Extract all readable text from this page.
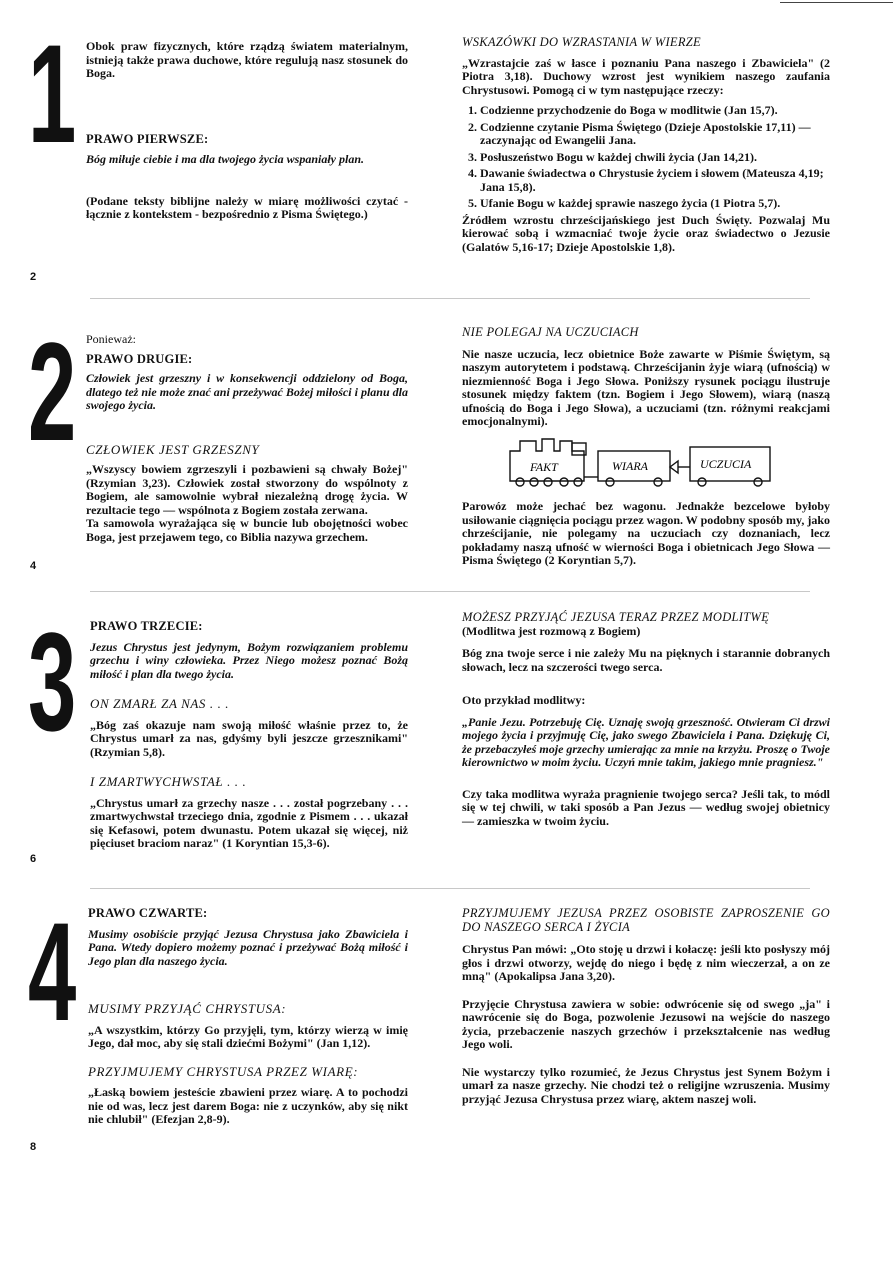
1
2
3
4
2
4
6
8

Obok praw fizycznych, które rządzą światem materialnym, istnieją także prawa duchowe, które regulują nasz stosunek do Boga.

PRAWO PIERWSZE:

Bóg miłuje ciebie i ma dla twojego życia wspaniały plan.

(Podane teksty biblijne należy w miarę możliwości czytać - łącznie z kontekstem - bezpośrednio z Pisma Świętego.)

WSKAZÓWKI DO WZRASTANIA W WIERZE

„Wzrastajcie zaś w łasce i poznaniu Pana naszego i Zbawiciela" (2 Piotra 3,18). Duchowy wzrost jest wynikiem naszego zaufania Chrystusowi. Pomogą ci w tym następujące rzeczy:

1. Codzienne przychodzenie do Boga w modlitwie (Jan 15,7).
2. Codzienne czytanie Pisma Świętego (Dzieje Apostolskie 17,11) — zaczynając od Ewangelii Jana.
3. Posłuszeństwo Bogu w każdej chwili życia (Jan 14,21).
4. Dawanie świadectwa o Chrystusie życiem i słowem (Mateusza 4,19; Jana 15,8).
5. Ufanie Bogu w każdej sprawie naszego życia (1 Piotra 5,7).

Źródłem wzrostu chrześcijańskiego jest Duch Święty. Pozwalaj Mu kierować sobą i wzmacniać twoje życie oraz świadectwo o Jezusie (Galatów 5,16-17; Dzieje Apostolskie 1,8).

Ponieważ:

PRAWO DRUGIE:

Człowiek jest grzeszny i w konsekwencji oddzielony od Boga, dlatego też nie może znać ani przeżywać Bożej miłości i planu dla swojego życia.

CZŁOWIEK JEST GRZESZNY

„Wszyscy bowiem zgrzeszyli i pozbawieni są chwały Bożej" (Rzymian 3,23). Człowiek został stworzony do wspólnoty z Bogiem, ale samowolnie wybrał niezależną drogę życia. W rezultacie tego — wspólnota z Bogiem została zerwana.

Ta samowola wyrażająca się w buncie lub obojętności wobec Boga, jest przejawem tego, co Biblia nazywa grzechem.

NIE POLEGAJ NA UCZUCIACH

Nie nasze uczucia, lecz obietnice Boże zawarte w Piśmie Świętym, są naszym autorytetem i podstawą. Chrześcijanin żyje wiarą (ufnością) w niezmienność Boga i Jego Słowa. Poniższy rysunek pociągu ilustruje stosunek między faktem (tzn. Bogiem i Jego Słowem), wiarą (naszą ufnością do Boga i Jego Słowa), a uczuciami (tzn. różnymi reakcjami emocjonalnymi).

FAKT	WIARA	UCZUCIA

Parowóz może jechać bez wagonu. Jednakże bezcelowe byłoby usiłowanie ciągnięcia pociągu przez wagon. W podobny sposób my, jako chrześcijanie, nie polegamy na uczuciach czy doznaniach, lecz pokładamy naszą ufność w wierności Boga i obietnicach Jego Słowa — Pisma Świętego (2 Koryntian 5,7).

PRAWO TRZECIE:

Jezus Chrystus jest jedynym, Bożym rozwiązaniem problemu grzechu i winy człowieka. Przez Niego możesz poznać Bożą miłość i plan dla twego życia.

ON ZMARŁ ZA NAS . . .

„Bóg zaś okazuje nam swoją miłość właśnie przez to, że Chrystus umarł za nas, gdyśmy byli jeszcze grzesznikami" (Rzymian 5,8).

I ZMARTWYCHWSTAŁ . . .

„Chrystus umarł za grzechy nasze . . . został pogrzebany . . . zmartwychwstał trzeciego dnia, zgodnie z Pismem . . . ukazał się Kefasowi, potem dwunastu. Potem ukazał się więcej, niż pięciuset braciom naraz" (1 Koryntian 15,3-6).

MOŻESZ PRZYJĄĆ JEZUSA TERAZ PRZEZ MODLITWĘ

(Modlitwa jest rozmową z Bogiem)

Bóg zna twoje serce i nie zależy Mu na pięknych i starannie dobranych słowach, lecz na szczerości twego serca.

Oto przykład modlitwy:

„Panie Jezu. Potrzebuję Cię. Uznaję swoją grzeszność. Otwieram Ci drzwi mojego życia i przyjmuję Cię, jako swego Zbawiciela i Pana. Dziękuję Ci, że przebaczyłeś moje grzechy umierając za mnie na krzyżu. Proszę o Twoje kierownictwo w moim życiu. Uczyń mnie takim, jakiego mnie pragniesz."

Czy taka modlitwa wyraża pragnienie twojego serca? Jeśli tak, to módl się w tej chwili, w taki sposób a Pan Jezus — według swojej obietnicy — zamieszka w twoim życiu.

PRAWO CZWARTE:

Musimy osobiście przyjąć Jezusa Chrystusa jako Zbawiciela i Pana. Wtedy dopiero możemy poznać i przeżywać Bożą miłość i Jego plan dla naszego życia.

MUSIMY PRZYJĄĆ CHRYSTUSA:

„A wszystkim, którzy Go przyjęli, tym, którzy wierzą w imię Jego, dał moc, aby się stali dziećmi Bożymi" (Jan 1,12).

PRZYJMUJEMY CHRYSTUSA PRZEZ WIARĘ:

„Łaską bowiem jesteście zbawieni przez wiarę. A to pochodzi nie od was, lecz jest darem Boga: nie z uczynków, aby się nikt nie chlubił" (Efezjan 2,8-9).

PRZYJMUJEMY JEZUSA PRZEZ OSOBISTE ZAPROSZENIE GO DO NASZEGO SERCA I ŻYCIA

Chrystus Pan mówi: „Oto stoję u drzwi i kołaczę: jeśli kto posłyszy mój głos i drzwi otworzy, wejdę do niego i będę z nim wieczerzał, a on ze mną" (Apokalipsa Jana 3,20).

Przyjęcie Chrystusa zawiera w sobie: odwrócenie się od swego „ja" i nawrócenie się do Boga, pozwolenie Jezusowi na wejście do naszego życia, przebaczenie naszych grzechów i przekształcenie nas według Jego woli.

Nie wystarczy tylko rozumieć, że Jezus Chrystus jest Synem Bożym i umarł za nasze grzechy. Nie chodzi też o religijne wzruszenia. Musimy przyjąć Jezusa Chrystusa przez wiarę, aktem naszej woli.
